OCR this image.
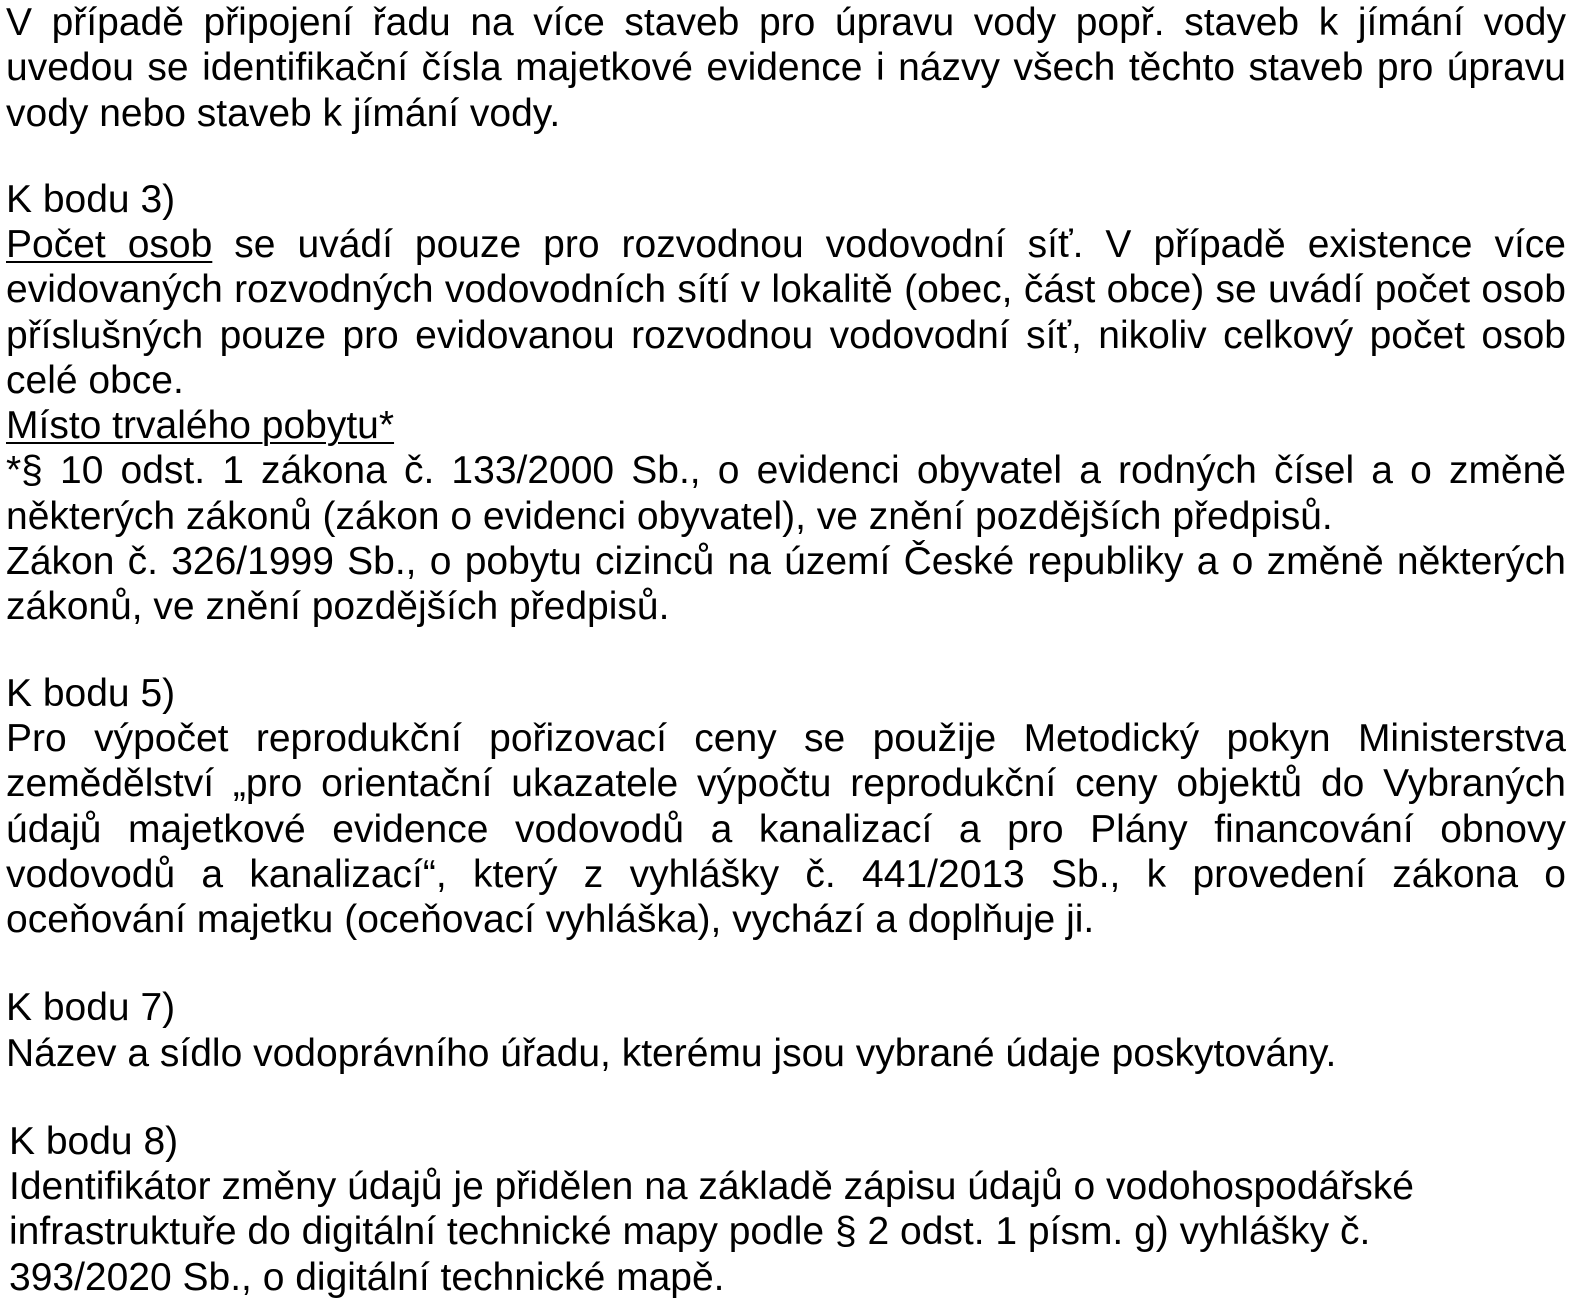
V případě připojení řadu na více staveb pro úpravu vody popř. staveb k jímání vody uvedou se identifikační čísla majetkové evidence i názvy všech těchto staveb pro úpravu vody nebo staveb k jímání vody.

K bodu 3)

Počet osob se uvádí pouze pro rozvodnou vodovodní síť. V případě existence více evidovaných rozvodných vodovodních sítí v lokalitě (obec, část obce) se uvádí počet osob příslušných pouze pro evidovanou rozvodnou vodovodní síť, nikoliv celkový počet osob celé obce.
Místo trvalého pobytu*
*§ 10 odst. 1 zákona č. 133/2000 Sb., o evidenci obyvatel a rodných čísel a o změně některých zákonů (zákon o evidenci obyvatel), ve znění pozdějších předpisů.
Zákon č. 326/1999 Sb., o pobytu cizinců na území České republiky a o změně některých zákonů, ve znění pozdějších předpisů.

K bodu 5)

Pro výpočet reprodukční pořizovací ceny se použije Metodický pokyn Ministerstva zemědělství „pro orientační ukazatele výpočtu reprodukční ceny objektů do Vybraných údajů majetkové evidence vodovodů a kanalizací a pro Plány financování obnovy vodovodů a kanalizací“, který z vyhlášky č. 441/2013 Sb., k provedení zákona o oceňování majetku (oceňovací vyhláška), vychází a doplňuje ji.

K bodu 7)

Název a sídlo vodoprávního úřadu, kterému jsou vybrané údaje poskytovány.

K bodu 8)

Identifikátor změny údajů je přidělen na základě zápisu údajů o vodohospodářské infrastruktuře do digitální technické mapy podle § 2 odst. 1 písm. g) vyhlášky č. 393/2020 Sb., o digitální technické mapě.
